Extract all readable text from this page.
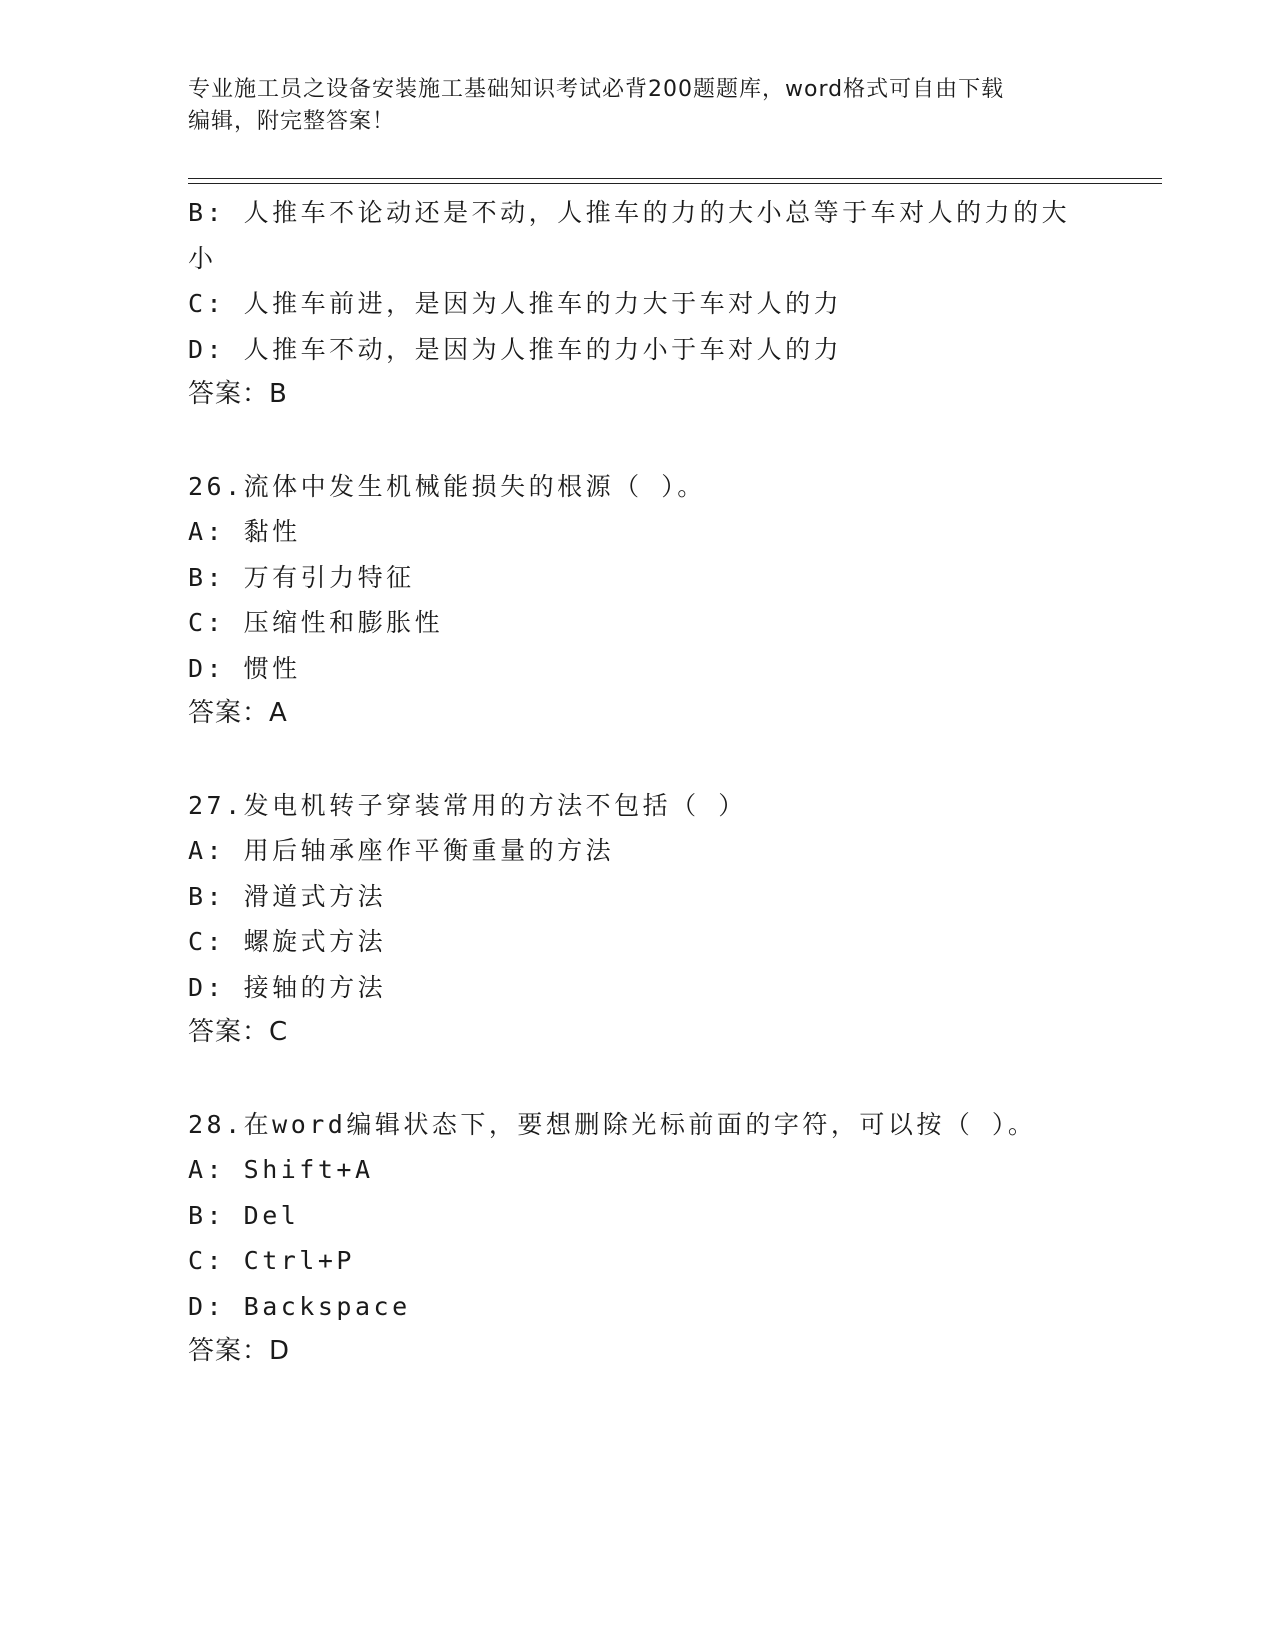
专业施工员之设备安装施工基础知识考试必背200题题库，word格式可自由下载
编辑，附完整答案！
B: 人推车不论动还是不动，人推车的力的大小总等于车对人的力的大小
C: 人推车前进，是因为人推车的力大于车对人的力
D: 人推车不动，是因为人推车的力小于车对人的力
答案：B
26.流体中发生机械能损失的根源（ ）。
A: 黏性
B: 万有引力特征
C: 压缩性和膨胀性
D: 惯性
答案：A
27.发电机转子穿装常用的方法不包括（ ）
A: 用后轴承座作平衡重量的方法
B: 滑道式方法
C: 螺旋式方法
D: 接轴的方法
答案：C
28.在word编辑状态下，要想删除光标前面的字符，可以按（ ）。
A: Shift+A
B: Del
C: Ctrl+P
D: Backspace
答案：D
